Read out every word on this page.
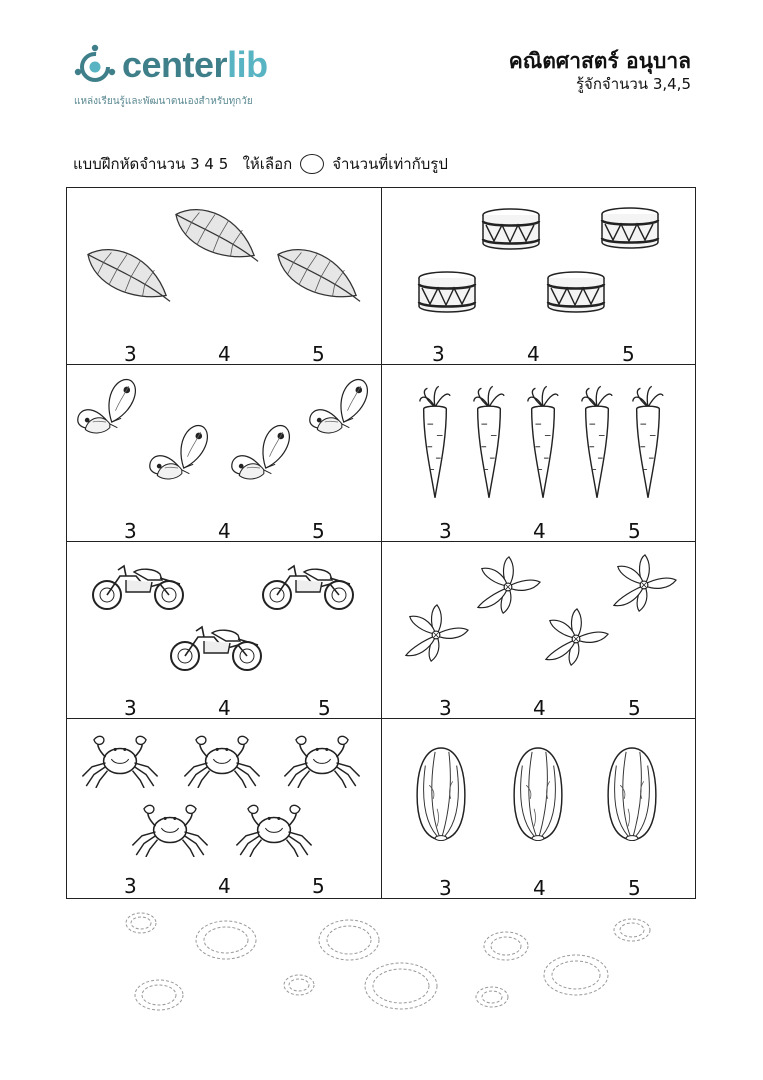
centerlib
แหล่งเรียนรู้และพัฒนาตนเองสำหรับทุกวัย
คณิตศาสตร์ อนุบาล
รู้จักจำนวน 3,4,5
แบบฝึกหัดจำนวน 3 4 5   ให้เลือก	จำนวนที่เท่ากับรูป
3	4	5	3	4	5
3	4	5	3	4	5
3	4	5	3	4	5
3	4	5	3	4	5
